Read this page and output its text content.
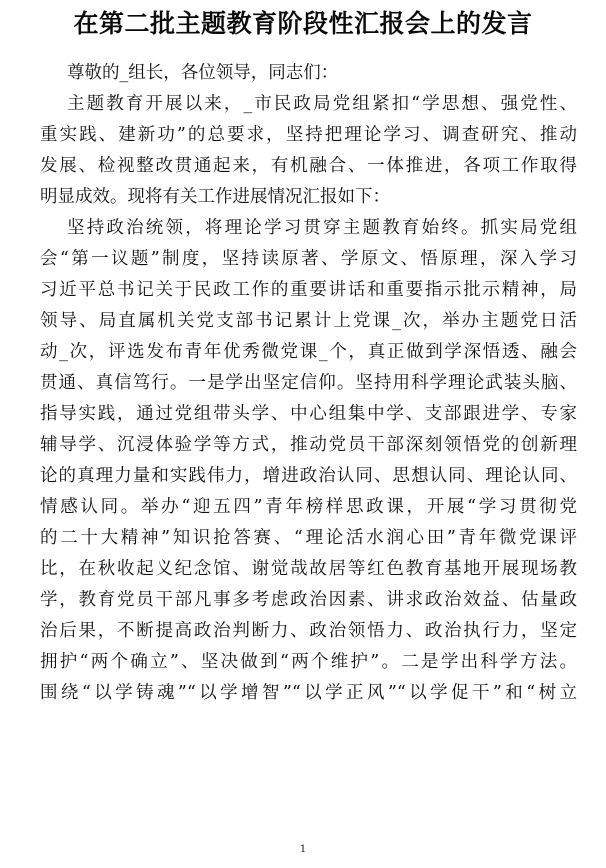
在第二批主题教育阶段性汇报会上的发言
尊敬的_组长，各位领导，同志们：
主题教育开展以来，_市民政局党组紧扣“学思想、强党性、
重实践、建新功”的总要求，坚持把理论学习、调查研究、推动
发展、检视整改贯通起来，有机融合、一体推进，各项工作取得
明显成效。现将有关工作进展情况汇报如下：
坚持政治统领，将理论学习贯穿主题教育始终。抓实局党组
会“第一议题”制度，坚持读原著、学原文、悟原理，深入学习
习近平总书记关于民政工作的重要讲话和重要指示批示精神，局
领导、局直属机关党支部书记累计上党课_次，举办主题党日活
动_次，评选发布青年优秀微党课_个，真正做到学深悟透、融会
贯通、真信笃行。一是学出坚定信仰。坚持用科学理论武装头脑、
指导实践，通过党组带头学、中心组集中学、支部跟进学、专家
辅导学、沉浸体验学等方式，推动党员干部深刻领悟党的创新理
论的真理力量和实践伟力，增进政治认同、思想认同、理论认同、
情感认同。举办“迎五四”青年榜样思政课，开展“学习贯彻党
的二十大精神”知识抢答赛、“理论活水润心田”青年微党课评
比，在秋收起义纪念馆、谢觉哉故居等红色教育基地开展现场教
学，教育党员干部凡事多考虑政治因素、讲求政治效益、估量政
治后果，不断提高政治判断力、政治领悟力、政治执行力，坚定
拥护“两个确立”、坚决做到“两个维护”。二是学出科学方法。
围绕“以学铸魂”“以学增智”“以学正风”“以学促干”和“树立
1
